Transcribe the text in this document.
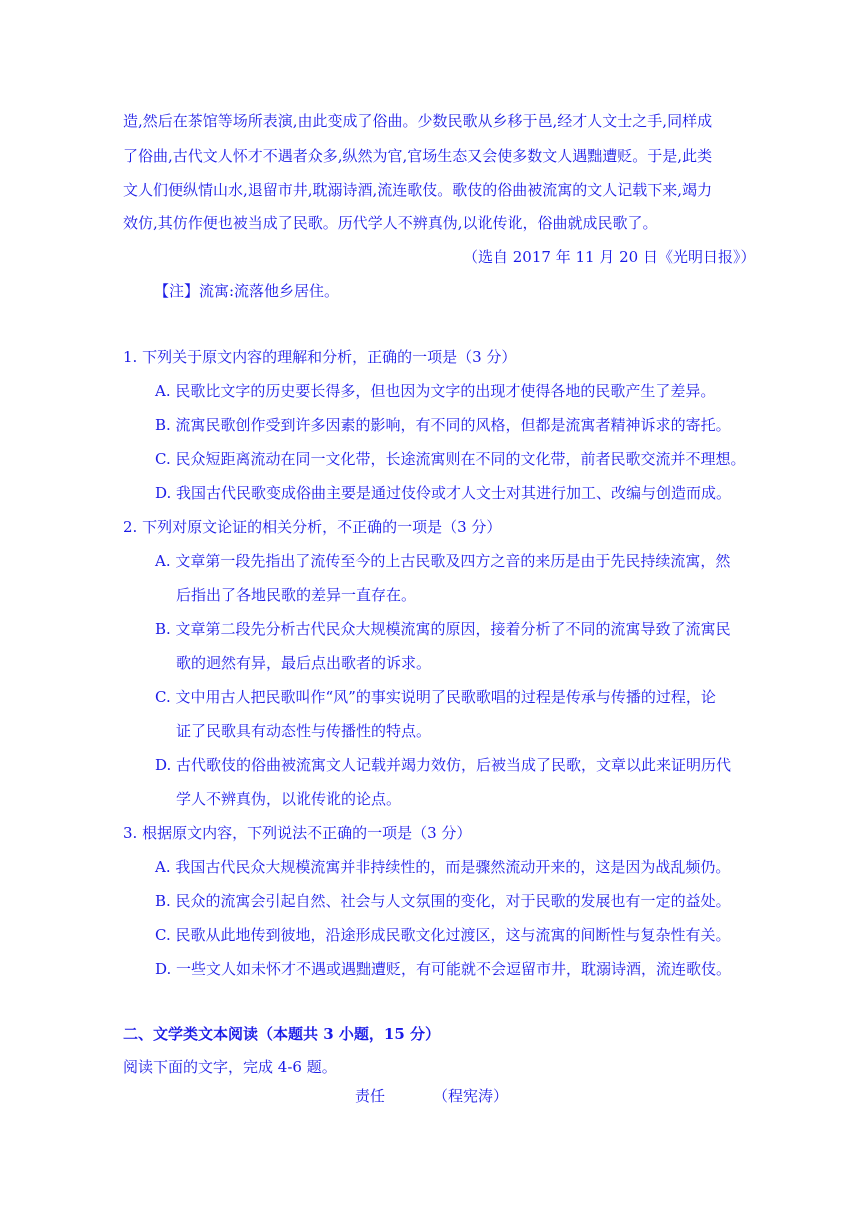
造,然后在茶馆等场所表演,由此变成了俗曲。少数民歌从乡移于邑,经才人文士之手,同样成
了俗曲,古代文人怀才不遇者众多,纵然为官,官场生态又会使多数文人遇黜遭贬。于是,此类
文人们便纵情山水,退留市井,耽溺诗酒,流连歌伎。歌伎的俗曲被流寓的文人记载下来,竭力
效仿,其仿作便也被当成了民歌。历代学人不辨真伪,以讹传讹，俗曲就成民歌了。
（选自 2017 年 11 月 20 日《光明日报》）
【注】流寓:流落他乡居住。
1. 下列关于原文内容的理解和分析，正确的一项是（3 分）
A. 民歌比文字的历史要长得多，但也因为文字的出现才使得各地的民歌产生了差异。
B. 流寓民歌创作受到许多因素的影响，有不同的风格，但都是流寓者精神诉求的寄托。
C. 民众短距离流动在同一文化带，长途流寓则在不同的文化带，前者民歌交流并不理想。
D. 我国古代民歌变成俗曲主要是通过伎伶或才人文士对其进行加工、改编与创造而成。
2. 下列对原文论证的相关分析，不正确的一项是（3 分）
A. 文章第一段先指出了流传至今的上古民歌及四方之音的来历是由于先民持续流寓，然
后指出了各地民歌的差异一直存在。
B. 文章第二段先分析古代民众大规模流寓的原因，接着分析了不同的流寓导致了流寓民
歌的迥然有异，最后点出歌者的诉求。
C. 文中用古人把民歌叫作“风”的事实说明了民歌歌唱的过程是传承与传播的过程，论
证了民歌具有动态性与传播性的特点。
D. 古代歌伎的俗曲被流寓文人记载并竭力效仿，后被当成了民歌，文章以此来证明历代
学人不辨真伪，以讹传讹的论点。
3. 根据原文内容，下列说法不正确的一项是（3 分）
A. 我国古代民众大规模流寓并非持续性的，而是骤然流动开来的，这是因为战乱频仍。
B. 民众的流寓会引起自然、社会与人文氛围的变化，对于民歌的发展也有一定的益处。
C. 民歌从此地传到彼地，沿途形成民歌文化过渡区，这与流寓的间断性与复杂性有关。
D. 一些文人如未怀才不遇或遇黜遭贬，有可能就不会逗留市井，耽溺诗酒，流连歌伎。
二、文学类文本阅读（本题共 3 小题，15 分）
阅读下面的文字，完成 4-6 题。
责任	（程宪涛）
